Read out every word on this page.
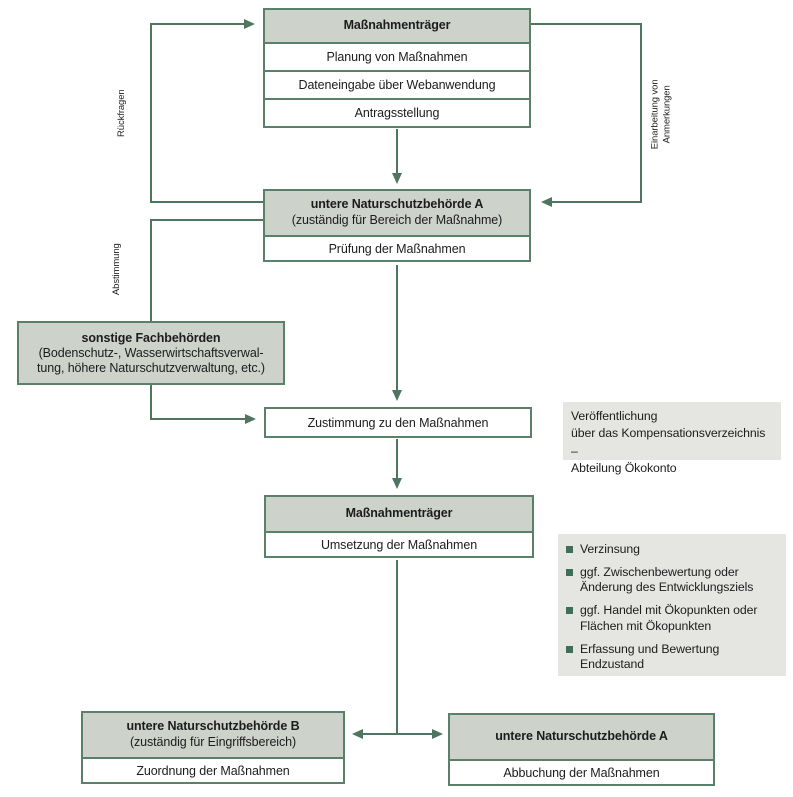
Maßnahmenträger
Planung von Maßnahmen
Dateneingabe über Webanwendung
Antragsstellung
untere Naturschutzbehörde A
(zuständig für Bereich der Maßnahme)
Prüfung der Maßnahmen
sonstige Fachbehörden
(Bodenschutz-, Wasserwirtschaftsverwal-
tung, höhere Naturschutzverwaltung, etc.)
Zustimmung zu den Maßnahmen
Maßnahmenträger
Umsetzung der Maßnahmen
untere Naturschutzbehörde B
(zuständig für Eingriffsbereich)
Zuordnung der Maßnahmen
untere Naturschutzbehörde A
Abbuchung der Maßnahmen
Rückfragen
Abstimmung
Einarbeitung von Anmerkungen
Veröffentlichung
über das Kompensationsverzeichnis –
Abteilung Ökokonto
Verzinsung
ggf. Zwischenbewertung oder
Änderung des Entwicklungsziels
ggf. Handel mit Ökopunkten oder
Flächen mit Ökopunkten
Erfassung und Bewertung
Endzustand
